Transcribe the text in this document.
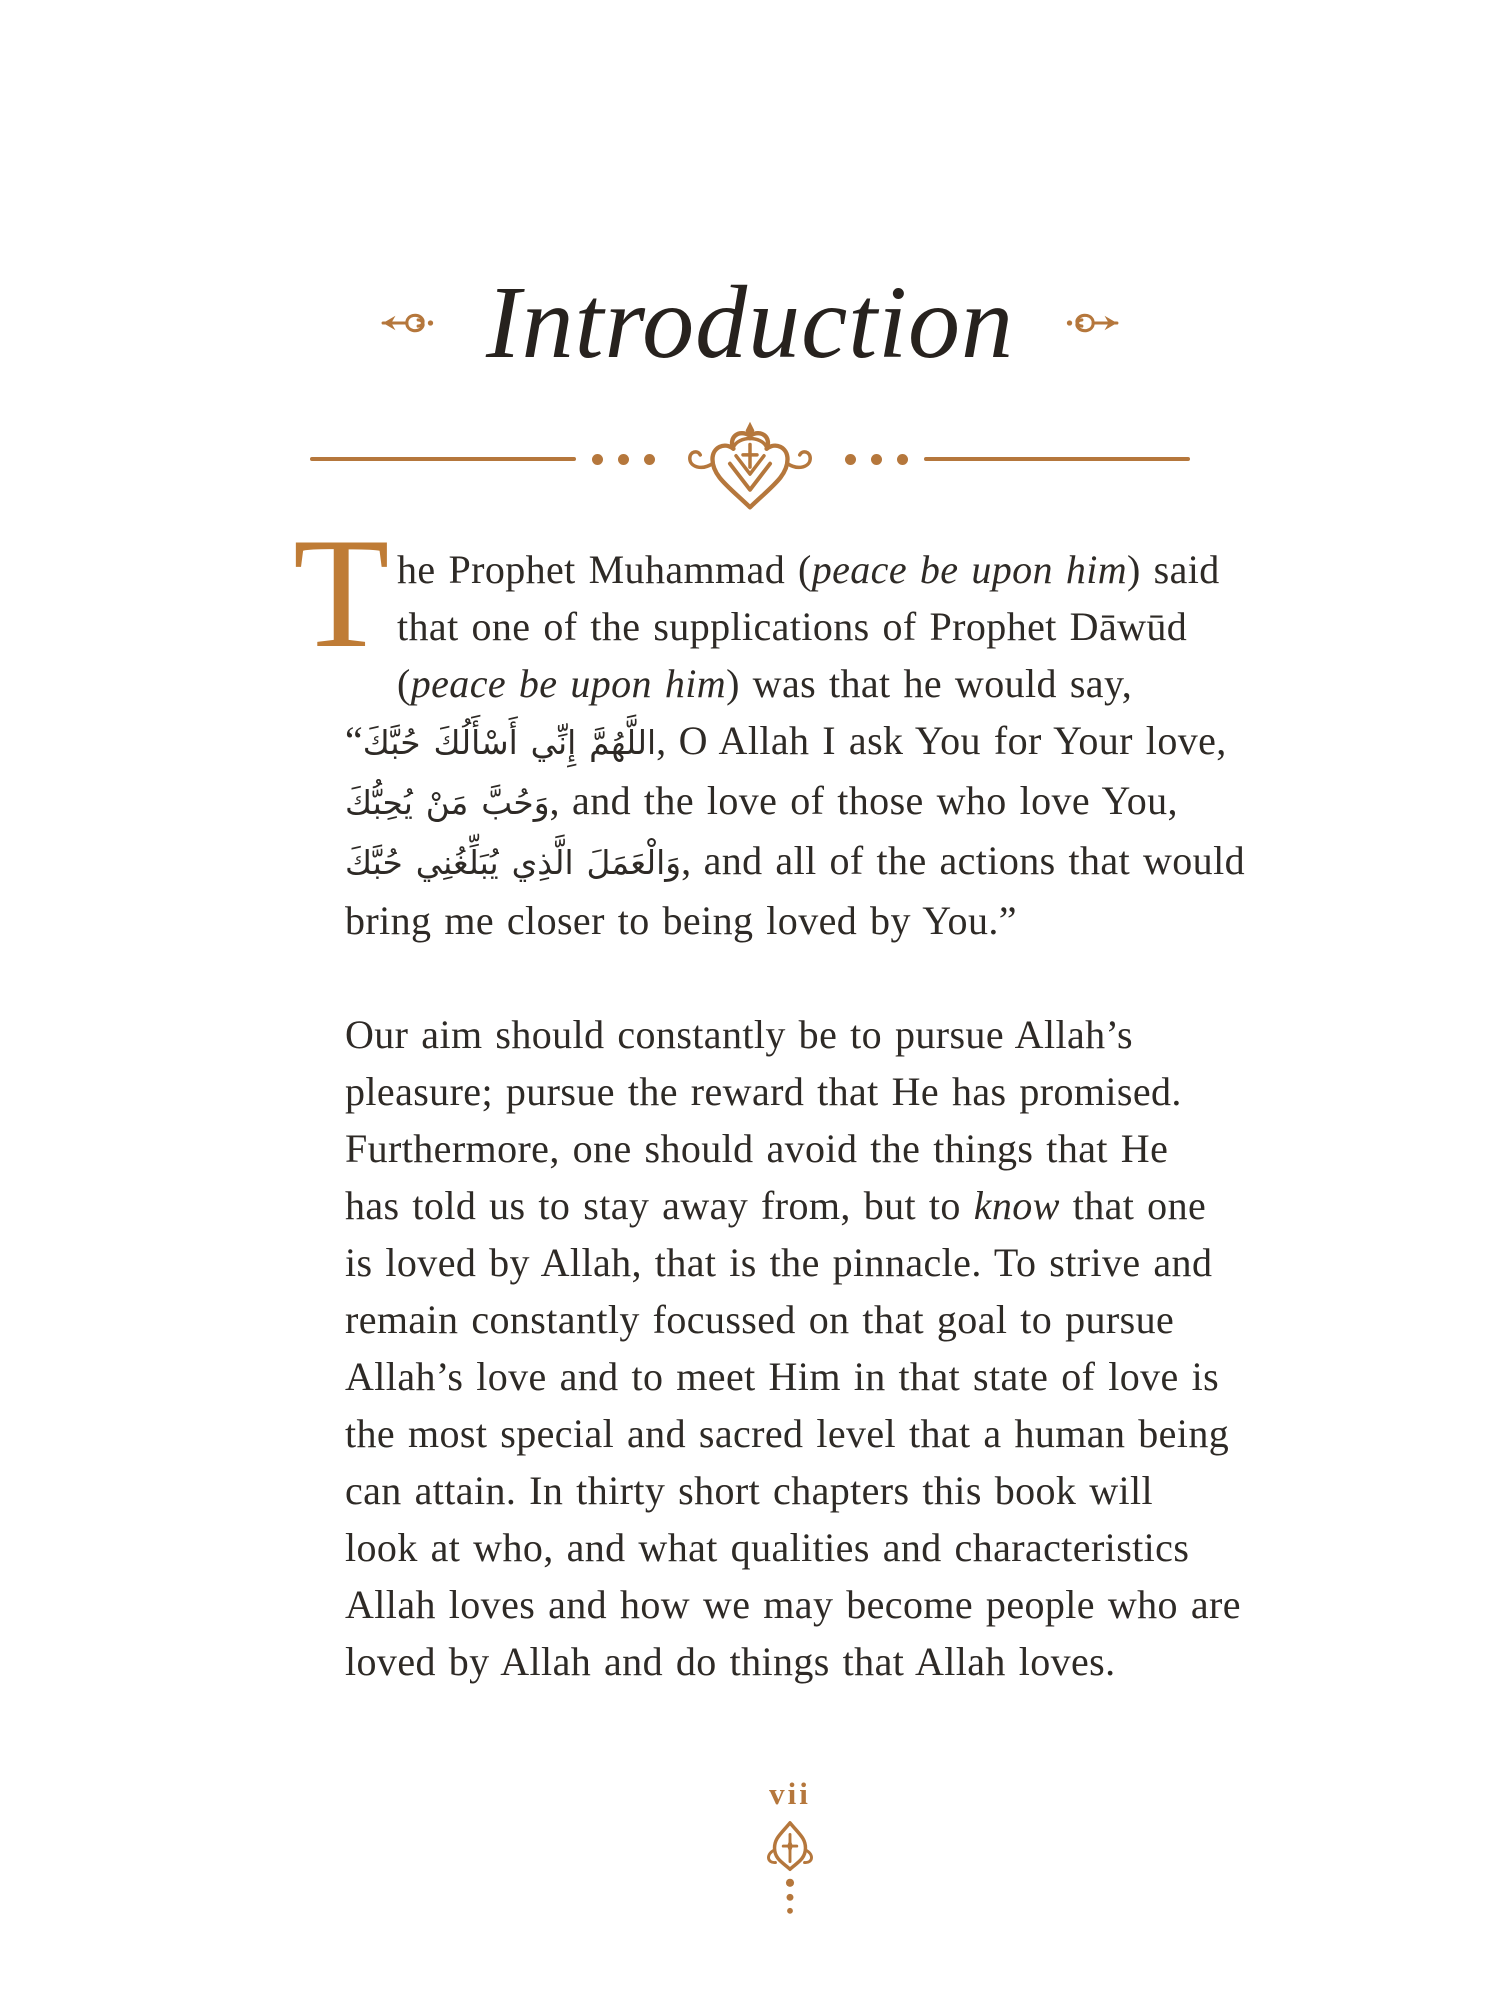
Introduction
T he Prophet Muhammad (peace be upon him) said
that one of the supplications of Prophet Dāwūd
(peace be upon him) was that he would say,
“اللَّهُمَّ إِنِّي أَسْأَلُكَ حُبَّكَ, O Allah I ask You for Your love,
وَحُبَّ مَنْ يُحِبُّكَ, and the love of those who love You,
وَالْعَمَلَ الَّذِي يُبَلِّغُنِي حُبَّكَ, and all of the actions that would
bring me closer to being loved by You.”
Our aim should constantly be to pursue Allah’s
pleasure; pursue the reward that He has promised.
Furthermore, one should avoid the things that He
has told us to stay away from, but to know that one
is loved by Allah, that is the pinnacle. To strive and
remain constantly focussed on that goal to pursue
Allah’s love and to meet Him in that state of love is
the most special and sacred level that a human being
can attain. In thirty short chapters this book will
look at who, and what qualities and characteristics
Allah loves and how we may become people who are
loved by Allah and do things that Allah loves.
vii
